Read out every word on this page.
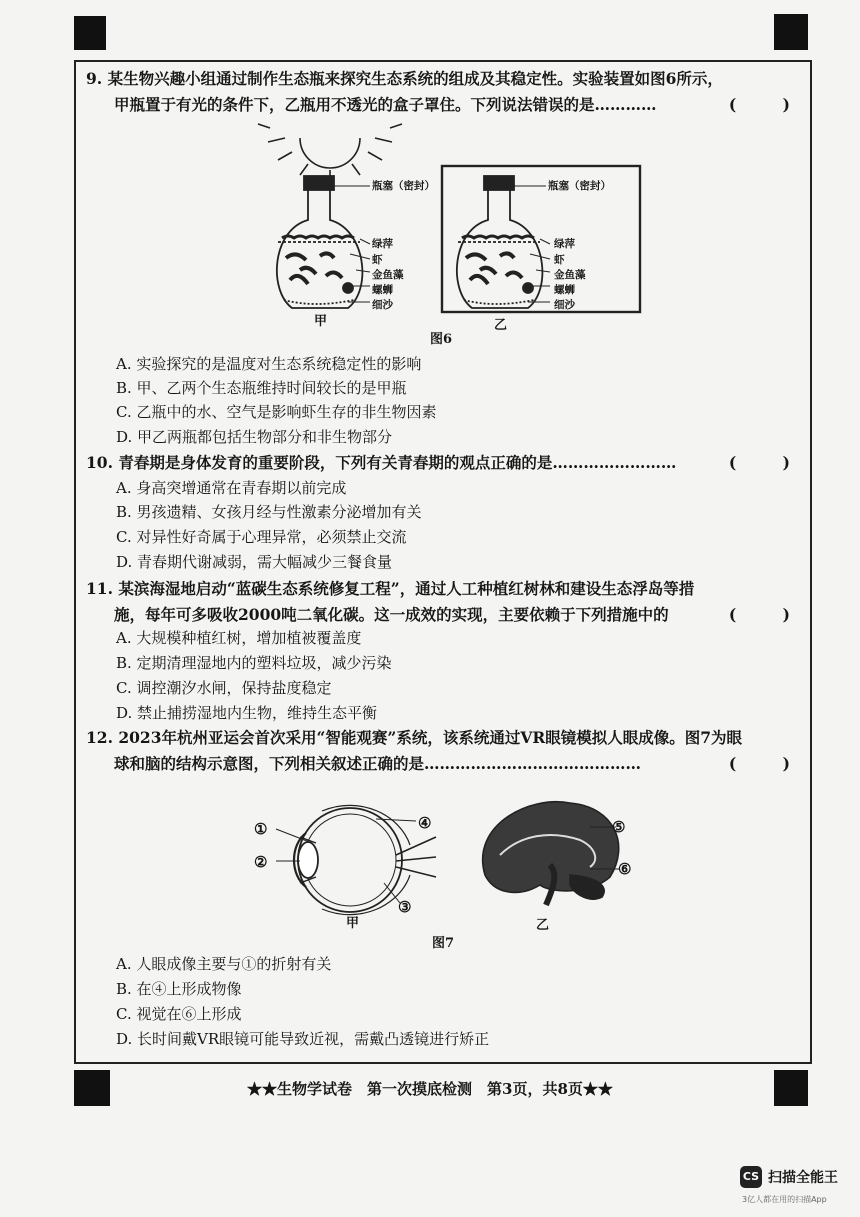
9. 某生物兴趣小组通过制作生态瓶来探究生态系统的组成及其稳定性。实验装置如图6所示，
甲瓶置于有光的条件下，乙瓶用不透光的盒子罩住。下列说法错误的是…………	(　　　)
瓶塞（密封）
绿萍
虾
金鱼藻
螺蛳
细沙
瓶塞（密封）
绿萍
虾
金鱼藻
螺蛳
细沙
甲	乙
图6
A. 实验探究的是温度对生态系统稳定性的影响
B. 甲、乙两个生态瓶维持时间较长的是甲瓶
C. 乙瓶中的水、空气是影响虾生存的非生物因素
D. 甲乙两瓶都包括生物部分和非生物部分
10. 青春期是身体发育的重要阶段，下列有关青春期的观点正确的是……………………	(　　　)
A. 身高突增通常在青春期以前完成
B. 男孩遗精、女孩月经与性激素分泌增加有关
C. 对异性好奇属于心理异常，必须禁止交流
D. 青春期代谢减弱，需大幅减少三餐食量
11. 某滨海湿地启动“蓝碳生态系统修复工程”，通过人工种植红树林和建设生态浮岛等措
施，每年可多吸收2000吨二氧化碳。这一成效的实现，主要依赖于下列措施中的	(　　　)
A. 大规模种植红树，增加植被覆盖度
B. 定期清理湿地内的塑料垃圾，减少污染
C. 调控潮汐水闸，保持盐度稳定
D. 禁止捕捞湿地内生物，维持生态平衡
12. 2023年杭州亚运会首次采用“智能观赛”系统，该系统通过VR眼镜模拟人眼成像。图7为眼
球和脑的结构示意图，下列相关叙述正确的是……………………………………	(　　　)
①
②
③
④	⑤
⑥
甲	乙
图7
A. 人眼成像主要与①的折射有关
B. 在④上形成物像
C. 视觉在⑥上形成
D. 长时间戴VR眼镜可能导致近视，需戴凸透镜进行矫正
★★生物学试卷　第一次摸底检测　第3页，共8页★★
CS 扫描全能王
3亿人都在用的扫描App
